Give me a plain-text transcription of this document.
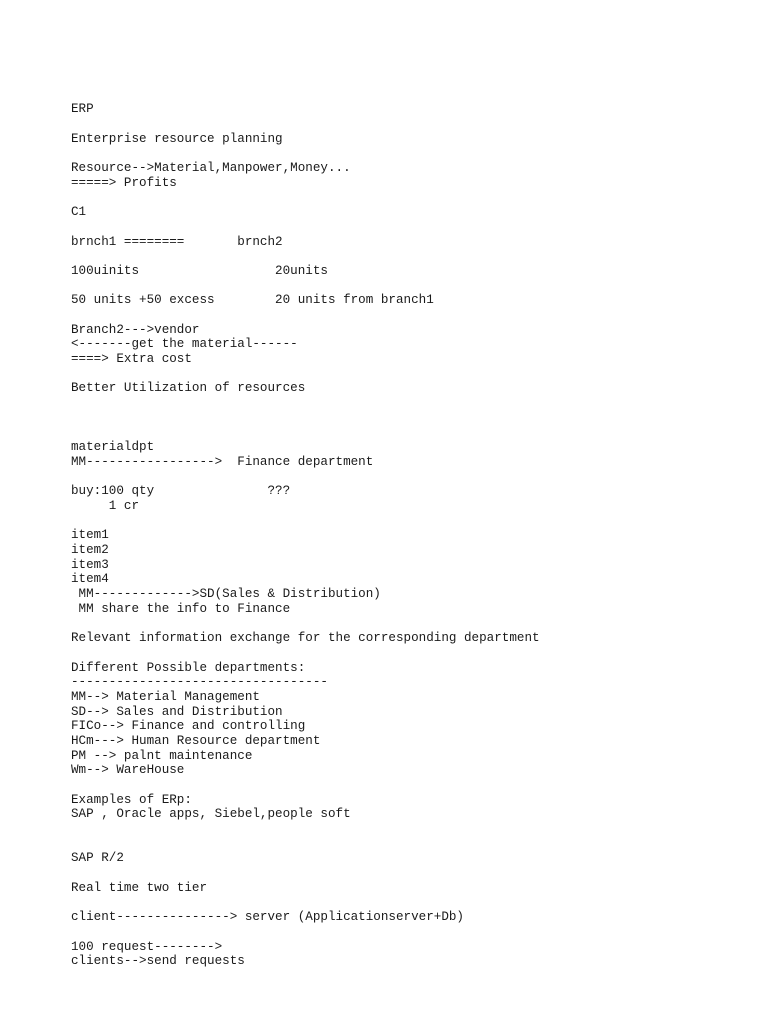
ERP

Enterprise resource planning

Resource-->Material,Manpower,Money...
=====> Profits

C1

brnch1 ========       brnch2

100uinits                  20units

50 units +50 excess        20 units from branch1

Branch2--->vendor
<-------get the material------
====> Extra cost

Better Utilization of resources

materialdpt
MM----------------->  Finance department

buy:100 qty               ???
1 cr

item1
item2
item3
item4
MM------------->SD(Sales & Distribution)
MM share the info to Finance

Relevant information exchange for the corresponding department

Different Possible departments:
----------------------------------
MM--> Material Management
SD--> Sales and Distribution
FICo--> Finance and controlling
HCm---> Human Resource department
PM --> palnt maintenance
Wm--> WareHouse

Examples of ERp:
SAP , Oracle apps, Siebel,people soft

SAP R/2

Real time two tier

client---------------> server (Applicationserver+Db)

100 request-------->
clients-->send requests
